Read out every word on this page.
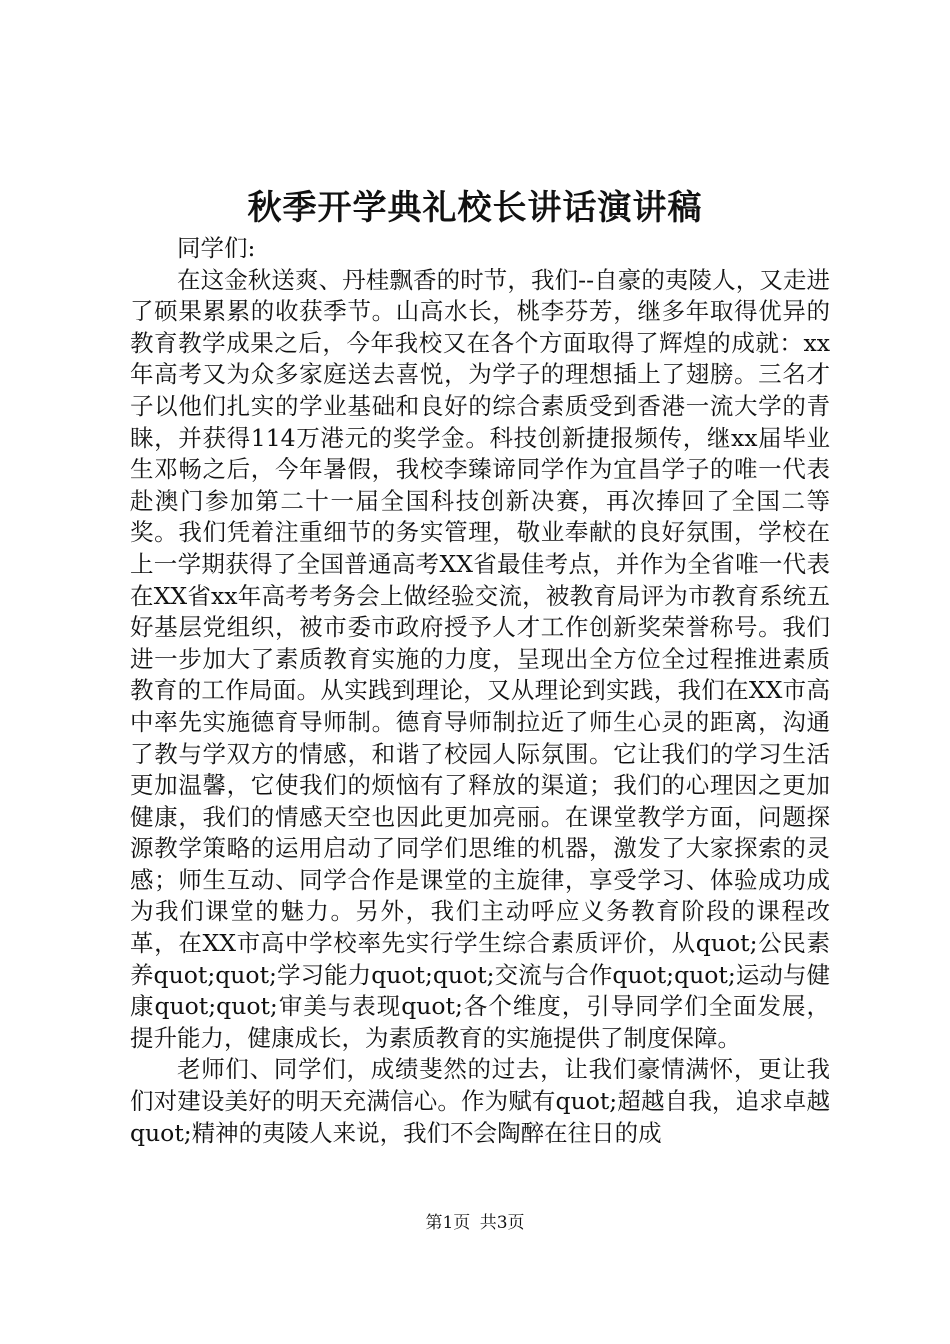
秋季开学典礼校长讲话演讲稿

同学们:

在这金秋送爽、丹桂飘香的时节，我们--自豪的夷陵人，又走进了硕果累累的收获季节。山高水长，桃李芬芳，继多年取得优异的教育教学成果之后，今年我校又在各个方面取得了辉煌的成就：xx年高考又为众多家庭送去喜悦，为学子的理想插上了翅膀。三名才子以他们扎实的学业基础和良好的综合素质受到香港一流大学的青睐，并获得114万港元的奖学金。科技创新捷报频传，继xx届毕业生邓畅之后，今年暑假，我校李臻谛同学作为宜昌学子的唯一代表赴澳门参加第二十一届全国科技创新决赛，再次捧回了全国二等奖。我们凭着注重细节的务实管理，敬业奉献的良好氛围，学校在上一学期获得了全国普通高考XX省最佳考点，并作为全省唯一代表在XX省xx年高考考务会上做经验交流，被教育局评为市教育系统五好基层党组织，被市委市政府授予人才工作创新奖荣誉称号。我们进一步加大了素质教育实施的力度，呈现出全方位全过程推进素质教育的工作局面。从实践到理论，又从理论到实践，我们在XX市高中率先实施德育导师制。德育导师制拉近了师生心灵的距离，沟通了教与学双方的情感，和谐了校园人际氛围。它让我们的学习生活更加温馨，它使我们的烦恼有了释放的渠道；我们的心理因之更加健康，我们的情感天空也因此更加亮丽。在课堂教学方面，问题探源教学策略的运用启动了同学们思维的机器，激发了大家探索的灵感；师生互动、同学合作是课堂的主旋律，享受学习、体验成功成为我们课堂的魅力。另外，我们主动呼应义务教育阶段的课程改革，在XX市高中学校率先实行学生综合素质评价，从quot;公民素养quot;quot;学习能力quot;quot;交流与合作quot;quot;运动与健康quot;quot;审美与表现quot;各个维度，引导同学们全面发展，提升能力，健康成长，为素质教育的实施提供了制度保障。

老师们、同学们，成绩斐然的过去，让我们豪情满怀，更让我们对建设美好的明天充满信心。作为赋有quot;超越自我，追求卓越quot;精神的夷陵人来说，我们不会陶醉在往日的成

第1页 共3页
